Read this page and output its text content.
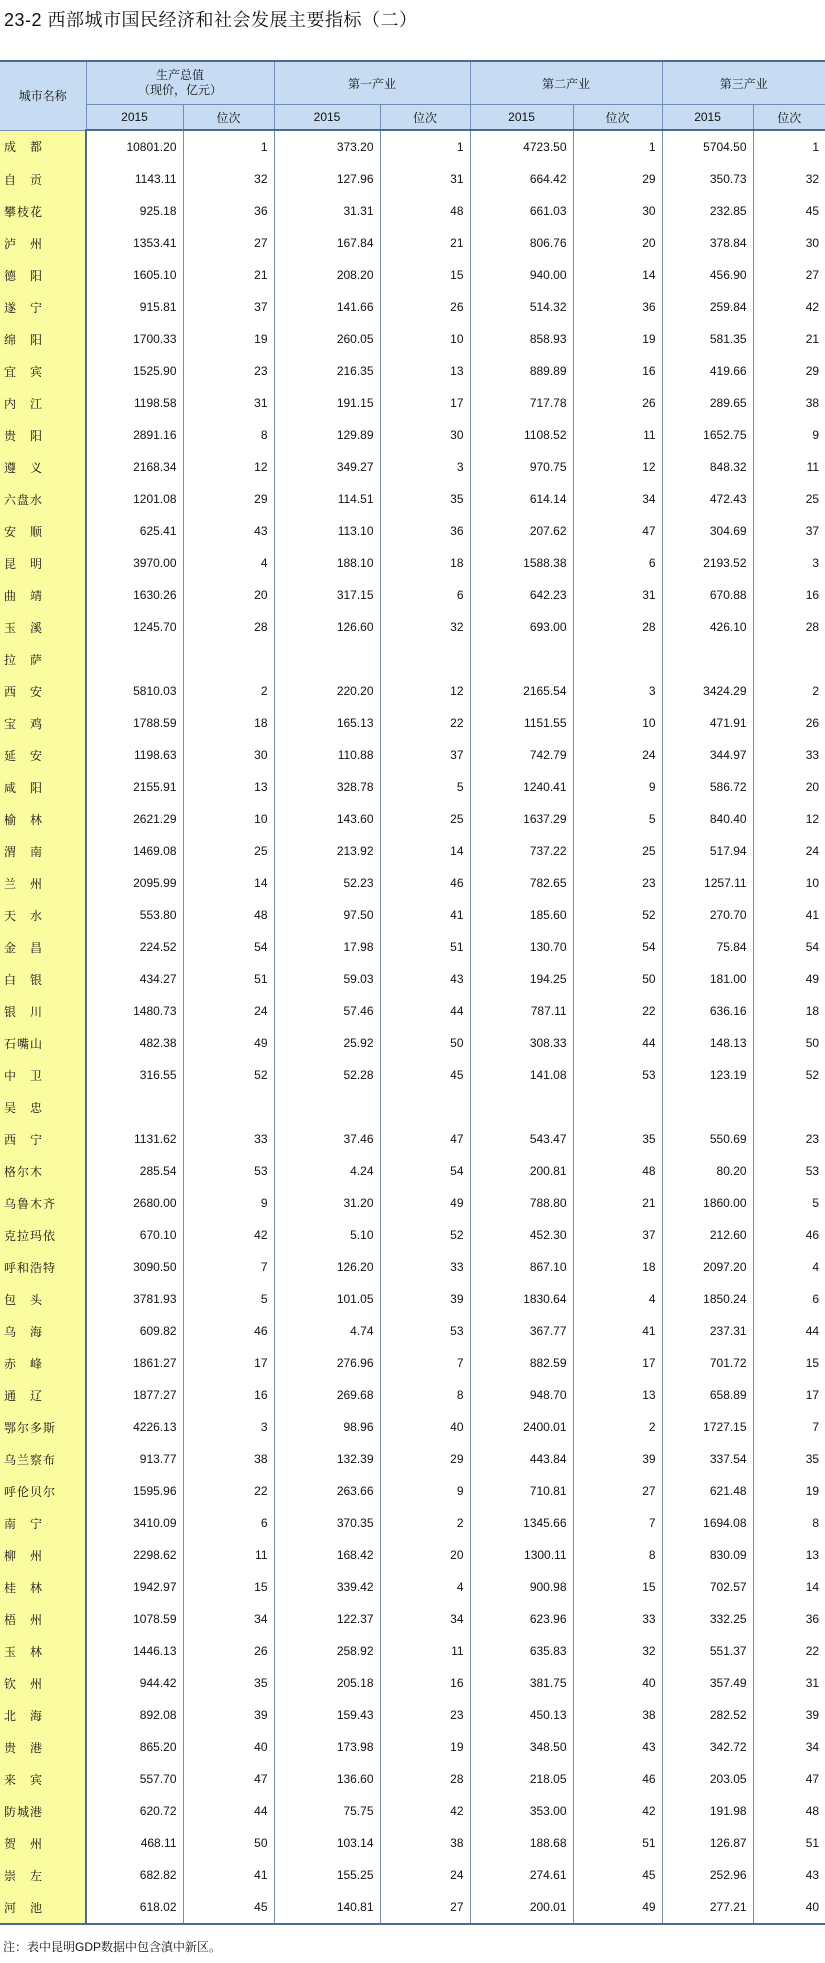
23-2 西部城市国民经济和社会发展主要指标（二）
城市名称	生产总值
（现价，亿元）		第一产业		第二产业		第三产业	
	2015	位次	2015	位次	2015	位次	2015	位次
成　都	10801.20	1	373.20	1	4723.50	1	5704.50	1
自　贡	1143.11	32	127.96	31	664.42	29	350.73	32
攀枝花	925.18	36	31.31	48	661.03	30	232.85	45
泸　州	1353.41	27	167.84	21	806.76	20	378.84	30
德　阳	1605.10	21	208.20	15	940.00	14	456.90	27
遂　宁	915.81	37	141.66	26	514.32	36	259.84	42
绵　阳	1700.33	19	260.05	10	858.93	19	581.35	21
宜　宾	1525.90	23	216.35	13	889.89	16	419.66	29
内　江	1198.58	31	191.15	17	717.78	26	289.65	38
贵　阳	2891.16	8	129.89	30	1108.52	11	1652.75	9
遵　义	2168.34	12	349.27	3	970.75	12	848.32	11
六盘水	1201.08	29	114.51	35	614.14	34	472.43	25
安　顺	625.41	43	113.10	36	207.62	47	304.69	37
昆　明	3970.00	4	188.10	18	1588.38	6	2193.52	3
曲　靖	1630.26	20	317.15	6	642.23	31	670.88	16
玉　溪	1245.70	28	126.60	32	693.00	28	426.10	28
拉　萨								
西　安	5810.03	2	220.20	12	2165.54	3	3424.29	2
宝　鸡	1788.59	18	165.13	22	1151.55	10	471.91	26
延　安	1198.63	30	110.88	37	742.79	24	344.97	33
咸　阳	2155.91	13	328.78	5	1240.41	9	586.72	20
榆　林	2621.29	10	143.60	25	1637.29	5	840.40	12
渭　南	1469.08	25	213.92	14	737.22	25	517.94	24
兰　州	2095.99	14	52.23	46	782.65	23	1257.11	10
天　水	553.80	48	97.50	41	185.60	52	270.70	41
金　昌	224.52	54	17.98	51	130.70	54	75.84	54
白　银	434.27	51	59.03	43	194.25	50	181.00	49
银　川	1480.73	24	57.46	44	787.11	22	636.16	18
石嘴山	482.38	49	25.92	50	308.33	44	148.13	50
中　卫	316.55	52	52.28	45	141.08	53	123.19	52
吴　忠								
西　宁	1131.62	33	37.46	47	543.47	35	550.69	23
格尔木	285.54	53	4.24	54	200.81	48	80.20	53
乌鲁木齐	2680.00	9	31.20	49	788.80	21	1860.00	5
克拉玛依	670.10	42	5.10	52	452.30	37	212.60	46
呼和浩特	3090.50	7	126.20	33	867.10	18	2097.20	4
包　头	3781.93	5	101.05	39	1830.64	4	1850.24	6
乌　海	609.82	46	4.74	53	367.77	41	237.31	44
赤　峰	1861.27	17	276.96	7	882.59	17	701.72	15
通　辽	1877.27	16	269.68	8	948.70	13	658.89	17
鄂尔多斯	4226.13	3	98.96	40	2400.01	2	1727.15	7
乌兰察布	913.77	38	132.39	29	443.84	39	337.54	35
呼伦贝尔	1595.96	22	263.66	9	710.81	27	621.48	19
南　宁	3410.09	6	370.35	2	1345.66	7	1694.08	8
柳　州	2298.62	11	168.42	20	1300.11	8	830.09	13
桂　林	1942.97	15	339.42	4	900.98	15	702.57	14
梧　州	1078.59	34	122.37	34	623.96	33	332.25	36
玉　林	1446.13	26	258.92	11	635.83	32	551.37	22
钦　州	944.42	35	205.18	16	381.75	40	357.49	31
北　海	892.08	39	159.43	23	450.13	38	282.52	39
贵　港	865.20	40	173.98	19	348.50	43	342.72	34
来　宾	557.70	47	136.60	28	218.05	46	203.05	47
防城港	620.72	44	75.75	42	353.00	42	191.98	48
贺　州	468.11	50	103.14	38	188.68	51	126.87	51
崇　左	682.82	41	155.25	24	274.61	45	252.96	43
河　池	618.02	45	140.81	27	200.01	49	277.21	40
注：表中昆明GDP数据中包含滇中新区。
